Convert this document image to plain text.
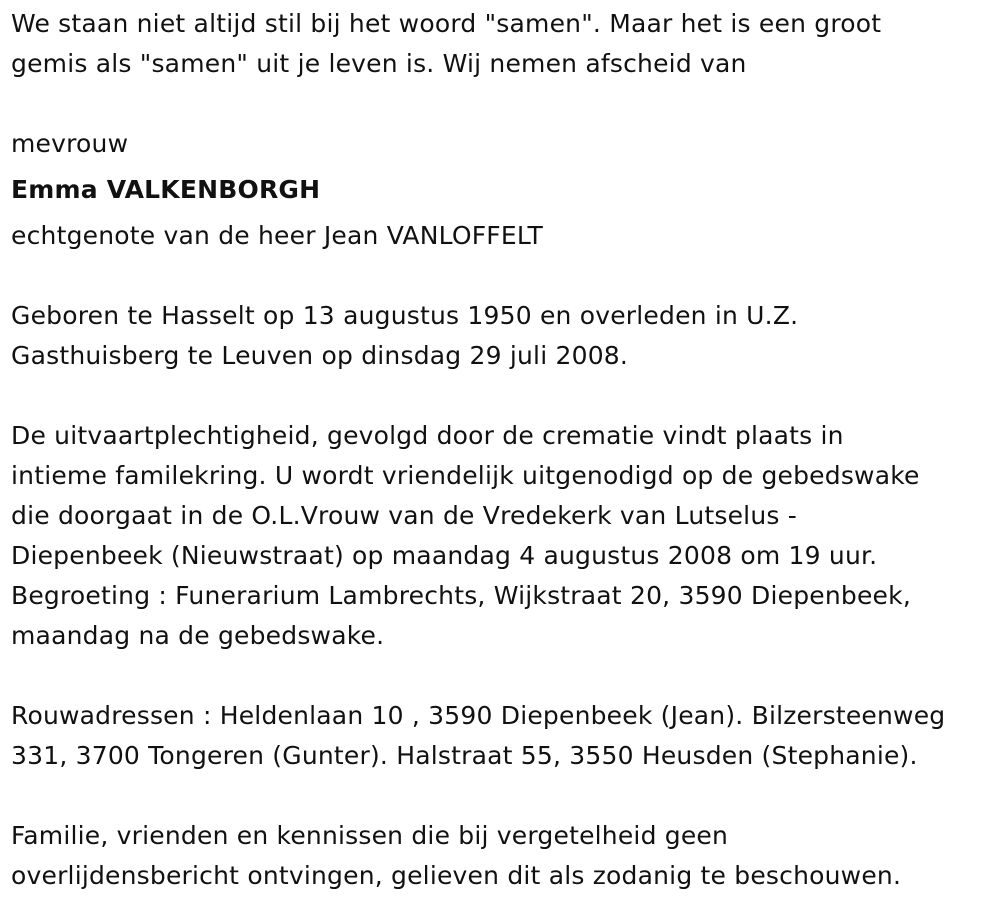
We staan niet altijd stil bij het woord "samen". Maar het is een groot

gemis als "samen" uit je leven is. Wij nemen afscheid van

mevrouw

Emma VALKENBORGH

echtgenote van de heer Jean VANLOFFELT

Geboren te Hasselt op 13 augustus 1950 en overleden in U.Z.

Gasthuisberg te Leuven op dinsdag 29 juli 2008.

De uitvaartplechtigheid, gevolgd door de crematie vindt plaats in

intieme familekring. U wordt vriendelijk uitgenodigd op de gebedswake

die doorgaat in de O.L.Vrouw van de Vredekerk van Lutselus -

Diepenbeek (Nieuwstraat) op maandag 4 augustus 2008 om 19 uur.

Begroeting : Funerarium Lambrechts, Wijkstraat 20, 3590 Diepenbeek,

maandag na de gebedswake.

Rouwadressen : Heldenlaan 10 , 3590 Diepenbeek (Jean). Bilzersteenweg

331, 3700 Tongeren (Gunter). Halstraat 55, 3550 Heusden (Stephanie).

Familie, vrienden en kennissen die bij vergetelheid geen

overlijdensbericht ontvingen, gelieven dit als zodanig te beschouwen.
